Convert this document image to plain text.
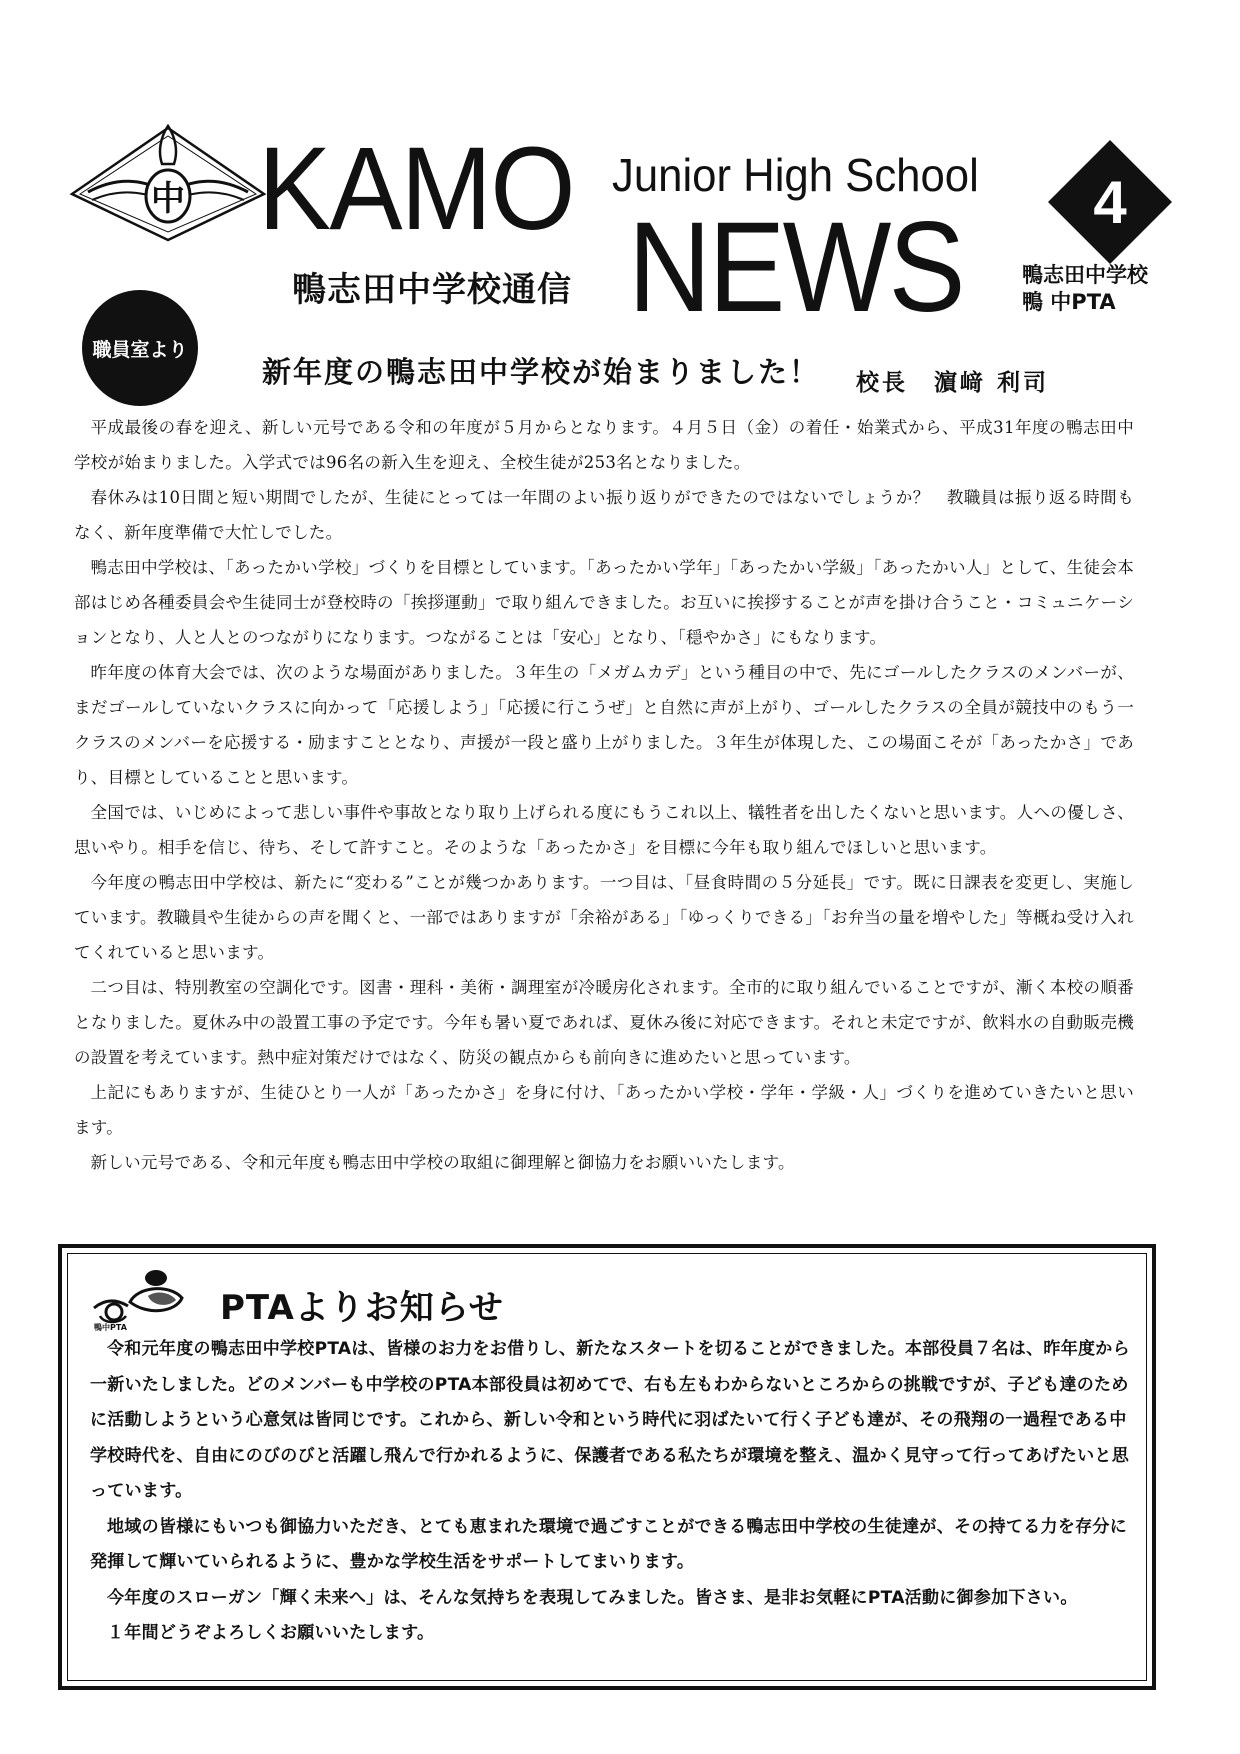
中 KAMO Junior High School
NEWS
鴨志田中学校通信
4
鴨志田中学校
鴨 中PTA
職員室より
新年度の鴨志田中学校が始まりました！ 校長　濵﨑 利司

平成最後の春を迎え、新しい元号である令和の年度が５月からとなります。４月５日（金）の着任・始業式から、平成31年度の鴨志田中学校が始まりました。入学式では96名の新入生を迎え、全校生徒が253名となりました。

春休みは10日間と短い期間でしたが、生徒にとっては一年間のよい振り返りができたのではないでしょうか？　教職員は振り返る時間もなく、新年度準備で大忙しでした。

鴨志田中学校は、「あったかい学校」づくりを目標としています。「あったかい学年」「あったかい学級」「あったかい人」として、生徒会本部はじめ各種委員会や生徒同士が登校時の「挨拶運動」で取り組んできました。お互いに挨拶することが声を掛け合うこと・コミュニケーションとなり、人と人とのつながりになります。つながることは「安心」となり、「穏やかさ」にもなります。

昨年度の体育大会では、次のような場面がありました。３年生の「メガムカデ」という種目の中で、先にゴールしたクラスのメンバーが、まだゴールしていないクラスに向かって「応援しよう」「応援に行こうぜ」と自然に声が上がり、ゴールしたクラスの全員が競技中のもう一クラスのメンバーを応援する・励ますこととなり、声援が一段と盛り上がりました。３年生が体現した、この場面こそが「あったかさ」であり、目標としていることと思います。

全国では、いじめによって悲しい事件や事故となり取り上げられる度にもうこれ以上、犠牲者を出したくないと思います。人への優しさ、思いやり。相手を信じ、待ち、そして許すこと。そのような「あったかさ」を目標に今年も取り組んでほしいと思います。

今年度の鴨志田中学校は、新たに“変わる”ことが幾つかあります。一つ目は、「昼食時間の５分延長」です。既に日課表を変更し、実施しています。教職員や生徒からの声を聞くと、一部ではありますが「余裕がある」「ゆっくりできる」「お弁当の量を増やした」等概ね受け入れてくれていると思います。

二つ目は、特別教室の空調化です。図書・理科・美術・調理室が冷暖房化されます。全市的に取り組んでいることですが、漸く本校の順番となりました。夏休み中の設置工事の予定です。今年も暑い夏であれば、夏休み後に対応できます。それと未定ですが、飲料水の自動販売機の設置を考えています。熱中症対策だけではなく、防災の観点からも前向きに進めたいと思っています。

上記にもありますが、生徒ひとり一人が「あったかさ」を身に付け、「あったかい学校・学年・学級・人」づくりを進めていきたいと思います。

新しい元号である、令和元年度も鴨志田中学校の取組に御理解と御協力をお願いいたします。

鴨中PTA	PTAよりお知らせ

令和元年度の鴨志田中学校PTAは、皆様のお力をお借りし、新たなスタートを切ることができました。本部役員７名は、昨年度から一新いたしました。どのメンバーも中学校のPTA本部役員は初めてで、右も左もわからないところからの挑戦ですが、子ども達のために活動しようという心意気は皆同じです。これから、新しい令和という時代に羽ばたいて行く子ども達が、その飛翔の一過程である中学校時代を、自由にのびのびと活躍し飛んで行かれるように、保護者である私たちが環境を整え、温かく見守って行ってあげたいと思っています。

地域の皆様にもいつも御協力いただき、とても恵まれた環境で過ごすことができる鴨志田中学校の生徒達が、その持てる力を存分に発揮して輝いていられるように、豊かな学校生活をサポートしてまいります。

今年度のスローガン「輝く未来へ」は、そんな気持ちを表現してみました。皆さま、是非お気軽にPTA活動に御参加下さい。

１年間どうぞよろしくお願いいたします。
